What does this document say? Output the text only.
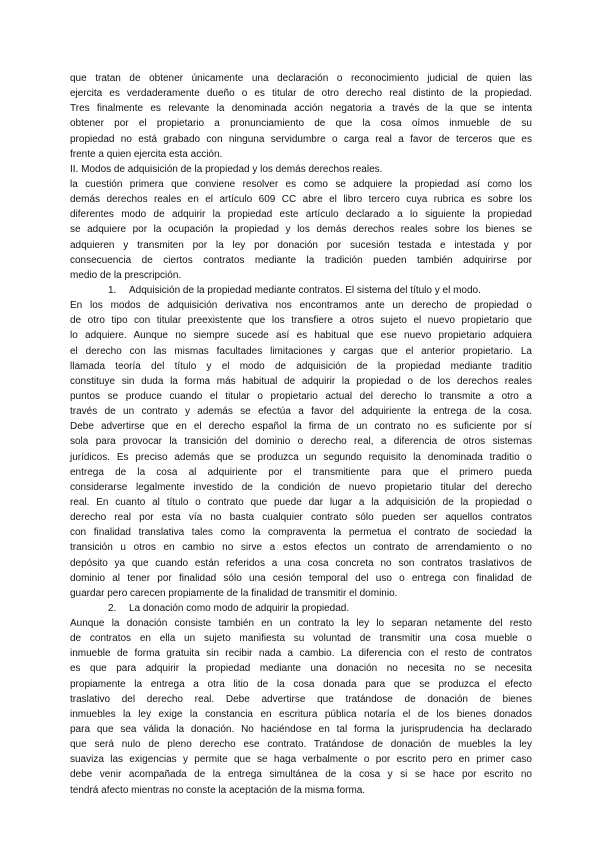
que tratan de obtener únicamente una declaración o reconocimiento judicial de quien las
ejercita es verdaderamente dueño o es titular de otro derecho real distinto de la propiedad.
Tres finalmente es relevante la denominada acción negatoria a través de la que se intenta
obtener por el propietario a pronunciamiento de que la cosa oímos inmueble de su
propiedad no está grabado con ninguna servidumbre o carga real a favor de terceros que es
frente a quien ejercita esta acción.
II. Modos de adquisición de la propiedad y los demás derechos reales.
la cuestión primera que conviene resolver es como se adquiere la propiedad así como los
demás derechos reales en el artículo 609 CC abre el libro tercero cuya rubrica es sobre los
diferentes modo de adquirir la propiedad este artículo declarado a lo siguiente la propiedad
se adquiere por la ocupación la propiedad y los demás derechos reales sobre los bienes se
adquieren y transmiten por la ley por donación por sucesión testada e intestada y por
consecuencia de ciertos contratos mediante la tradición pueden también adquirirse por
medio de la prescripción.
1. Adquisición de la propiedad mediante contratos. El sistema del título y el modo.
En los modos de adquisición derivativa nos encontramos ante un derecho de propiedad o
de otro tipo con titular preexistente que los transfiere a otros sujeto el nuevo propietario que
lo adquiere. Aunque no siempre sucede así es habitual que ese nuevo propietario adquiera
el derecho con las mismas facultades limitaciones y cargas que el anterior propietario. La
llamada teoría del título y el modo de adquisición de la propiedad mediante traditio
constituye sin duda la forma más habitual de adquirir la propiedad o de los derechos reales
puntos se produce cuando el titular o propietario actual del derecho lo transmite a otro a
través de un contrato y además se efectúa a favor del adquiriente la entrega de la cosa.
Debe advertirse que en el derecho español la firma de un contrato no es suficiente por sí
sola para provocar la transición del dominio o derecho real, a diferencia de otros sistemas
jurídicos. Es preciso además que se produzca un segundo requisito la denominada traditio o
entrega de la cosa al adquiriente por el transmitiente para que el primero pueda
considerarse legalmente investido de la condición de nuevo propietario titular del derecho
real. En cuanto al título o contrato que puede dar lugar a la adquisición de la propiedad o
derecho real por esta vía no basta cualquier contrato sólo pueden ser aquellos contratos
con finalidad translativa tales como la compraventa la permetua el contrato de sociedad la
transición u otros en cambio no sirve a estos efectos un contrato de arrendamiento o no
depósito ya que cuando están referidos a una cosa concreta no son contratos traslativos de
dominio al tener por finalidad sólo una cesión temporal del uso o entrega con finalidad de
guardar pero carecen propiamente de la finalidad de transmitir el dominio.
2. La donación como modo de adquirir la propiedad.
Aunque la donación consiste también en un contrato la ley lo separan netamente del resto
de contratos en ella un sujeto manifiesta su voluntad de transmitir una cosa mueble o
inmueble de forma gratuita sin recibir nada a cambio. La diferencia con el resto de contratos
es que para adquirir la propiedad mediante una donación no necesita no se necesita
propiamente la entrega a otra litio de la cosa donada para que se produzca el efecto
traslativo del derecho real. Debe advertirse que tratándose de donación de bienes
inmuebles la ley exige la constancia en escritura pública notaría el de los bienes donados
para que sea válida la donación. No haciéndose en tal forma la jurisprudencia ha declarado
que será nulo de pleno derecho ese contrato. Tratándose de donación de muebles la ley
suaviza las exigencias y permite que se haga verbalmente o por escrito pero en primer caso
debe venir acompañada de la entrega simultánea de la cosa y si se hace por escrito no
tendrá afecto mientras no conste la aceptación de la misma forma.
